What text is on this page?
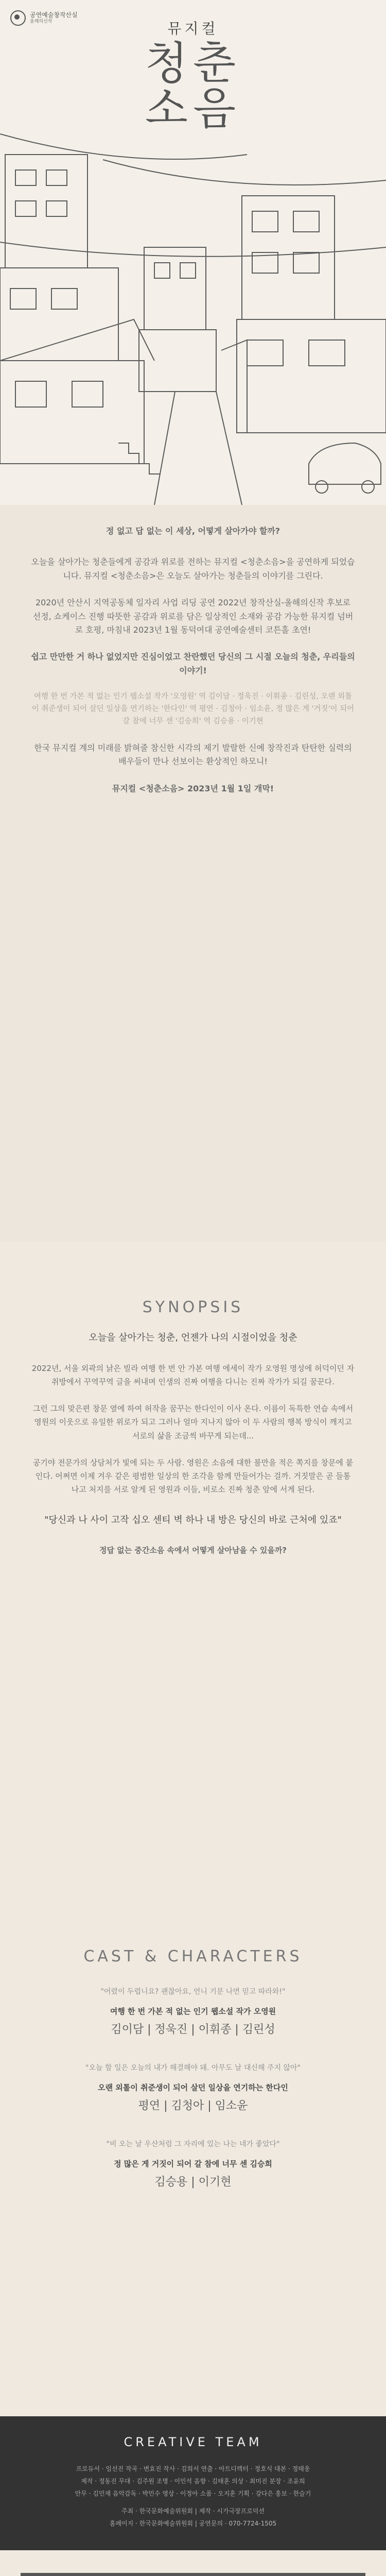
공연예술창작산실
올해의신작	뮤지컬
청춘
소음

정 없고 답 없는 이 세상, 어떻게 살아가야 할까?

오늘을 살아가는 청춘들에게 공감과 위로를 전하는 뮤지컬 <청춘소음>을 공연하게 되었습니다. 뮤지컬 <청춘소음>은 오늘도 살아가는 청춘들의 이야기를 그린다.

2020년 안산시 지역공동체 일자리 사업 리딩 공연 2022년 창작산실-올해의신작 후보로 선정, 쇼케이스 진행 따뜻한 공감과 위로를 담은 일상적인 소재와 공감 가능한 뮤지컬 넘버로 호평, 마침내 2023년 1월 동덕여대 공연예술센터 코튼홀 초연!

쉽고 만만한 거 하나 없었지만 진심이었고 찬란했던 당신의 그 시절 오늘의 청춘, 우리들의 이야기!

여행 한 번 가본 적 없는 인기 웹소설 작가 '오영원' 역 김이담 · 정욱진 · 이휘종 · 김린성, 오랜 외톨이 취준생이 되어 살던 일상을 연기하는 '한다인' 역 평연 · 김청아 · 임소윤, 정 많은 게 '거짓'이 되어 갈 참에 너무 센 '김승희' 역 김승용 · 이기현

한국 뮤지컬 계의 미래를 밝혀줄 참신한 시각의 제기 발랄한 신예 창작진과 탄탄한 실력의 배우들이 만나 선보이는 환상적인 하모니!

뮤지컬 <청춘소음> 2023년 1월 1일 개막!

SYNOPSIS

오늘을 살아가는 청춘, 언젠가 나의 시절이었을 청춘

2022년, 서울 외곽의 낡은 빌라 여행 한 번 안 가본 여행 에세이 작가 오영원 명성에 허덕이던 자취방에서 꾸역꾸역 글을 써내며 인생의 진짜 여행을 다니는 진짜 작가가 되길 꿈꾼다.

그런 그의 맞은편 창문 옆에 하여 허작을 꿈꾸는 한다인이 이사 온다. 이름이 독특한 연습 속에서 영원의 이웃으로 유일한 위로가 되고 그러나 얼마 지나지 않아 이 두 사람의 행복 방식이 깨지고 서로의 삶을 조금씩 바꾸게 되는데...

공기야 전문가의 상담처가 빛에 되는 두 사람. 영원은 소음에 대한 불만을 적은 쪽지를 창문에 붙인다. 어쩌면 이제 겨우 같은 평범한 일상의 한 조각을 함께 만들어가는 걸까. 거짓말은 곧 들통 나고 처지를 서로 알게 된 영원과 이들, 비로소 진짜 청춘 앞에 서게 된다.

"당신과 나 사이 고작 십오 센티 벽 하나 내 방은 당신의 바로 근처에 있죠"

정답 없는 중간소음 속에서 어떻게 살아남을 수 있을까?

CAST & CHARACTERS

"어렸이 두렵니요? 괜찮아요, 언니 기분 나면 믿고 따라와!"

여행 한 번 가본 적 없는 인기 웹소설 작가 오영원

김이담 | 정욱진 | 이휘종 | 김린성

"오늘 할 일은 오늘의 내가 해결해야 돼. 아무도 날 대신해 주지 않아"

오랜 외톨이 취준생이 되어 살던 일상을 연기하는 한다인

평연 | 김청아 | 임소윤

"비 오는 날 우산처럼 그 자리에 있는 나는 네가 좋았다"

정 많은 게 거짓이 되어 갈 참에 너무 센 김승희

김승용 | 이기현
CREATIVE TEAM
프로듀서 · 임선진 작곡 · 변효진 작사 · 김희서 연출 · 아트디렉터 · 정호식 대본 · 정태웅
제작 · 정동진 무대 · 김주원 조명 · 이민석 음향 · 김태훈 의상 · 최미진 분장 · 조윤희
안무 · 김민재 음악감독 · 박민수 영상 · 이정아 소품 · 오지훈 기획 · 강다은 홍보 · 한슬기
주최 · 한국문화예술위원회 | 제작 · 시가극장프로덕션
홈페이지 · 한국문화예술위원회 | 공연문의 · 070-7724-1505
